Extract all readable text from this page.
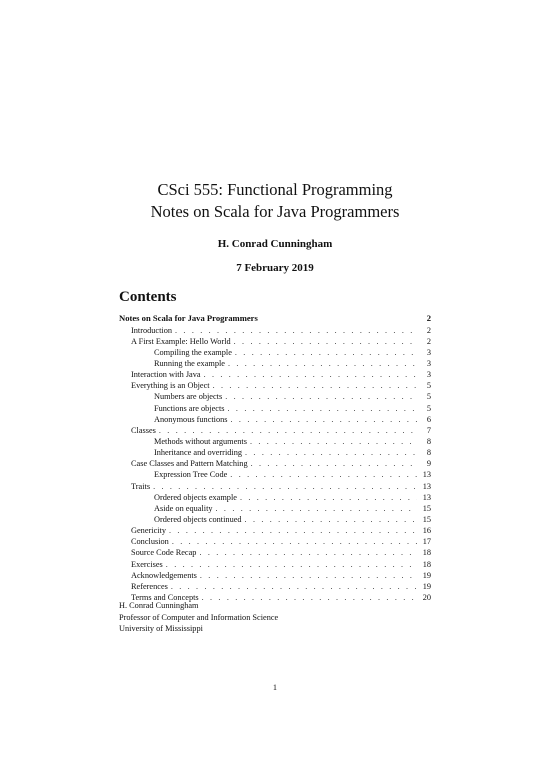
CSci 555: Functional Programming
Notes on Scala for Java Programmers
H. Conrad Cunningham
7 February 2019
Contents
Notes on Scala for Java Programmers	2
Introduction . . .	2
A First Example: Hello World . . .	2
Compiling the example . . .	3
Running the example . . .	3
Interaction with Java . . .	3
Everything is an Object . . .	5
Numbers are objects . . .	5
Functions are objects . . .	5
Anonymous functions . . .	6
Classes . . .	7
Methods without arguments . . .	8
Inheritance and overriding . . .	8
Case Classes and Pattern Matching . . .	9
Expression Tree Code . . .	13
Traits . . .	13
Ordered objects example . . .	13
Aside on equality . . .	15
Ordered objects continued . . .	15
Genericity . . .	16
Conclusion . . .	17
Source Code Recap . . .	18
Exercises . . .	18
Acknowledgements . . .	19
References . . .	19
Terms and Concepts . . .	20
H. Conrad Cunningham
Professor of Computer and Information Science
University of Mississippi
1
